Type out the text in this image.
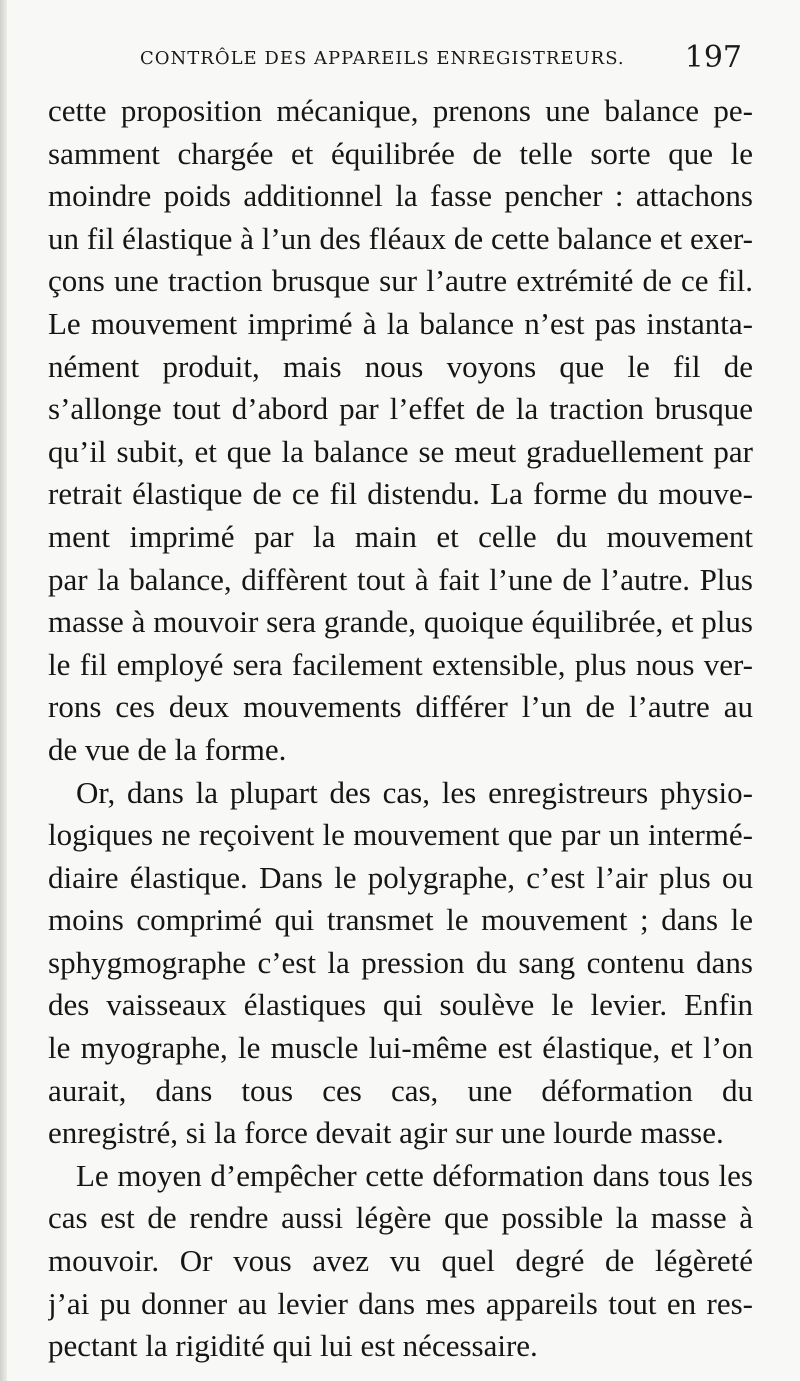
CONTRÔLE DES APPAREILS ENREGISTREURS. 197

cette proposition mécanique, prenons une balance pe-
samment chargée et équilibrée de telle sorte que le
moindre poids additionnel la fasse pencher : attachons
un fil élastique à l’un des fléaux de cette balance et exer-
çons une traction brusque sur l’autre extrémité de ce fil.
Le mouvement imprimé à la balance n’est pas instanta-
nément produit, mais nous voyons que le fil de
s’allonge tout d’abord par l’effet de la traction brusque
qu’il subit, et que la balance se meut graduellement par
retrait élastique de ce fil distendu. La forme du mouve-
ment imprimé par la main et celle du mouvement
par la balance, diffèrent tout à fait l’une de l’autre. Plus
masse à mouvoir sera grande, quoique équilibrée, et plus
le fil employé sera facilement extensible, plus nous ver-
rons ces deux mouvements différer l’un de l’autre au
de vue de la forme.

Or, dans la plupart des cas, les enregistreurs physio-
logiques ne reçoivent le mouvement que par un intermé-
diaire élastique. Dans le polygraphe, c’est l’air plus ou
moins comprimé qui transmet le mouvement ; dans le
sphygmographe c’est la pression du sang contenu dans
des vaisseaux élastiques qui soulève le levier. Enfin
le myographe, le muscle lui-même est élastique, et l’on
aurait, dans tous ces cas, une déformation du
enregistré, si la force devait agir sur une lourde masse.

Le moyen d’empêcher cette déformation dans tous les
cas est de rendre aussi légère que possible la masse à
mouvoir. Or vous avez vu quel degré de légèreté
j’ai pu donner au levier dans mes appareils tout en res-
pectant la rigidité qui lui est nécessaire.
